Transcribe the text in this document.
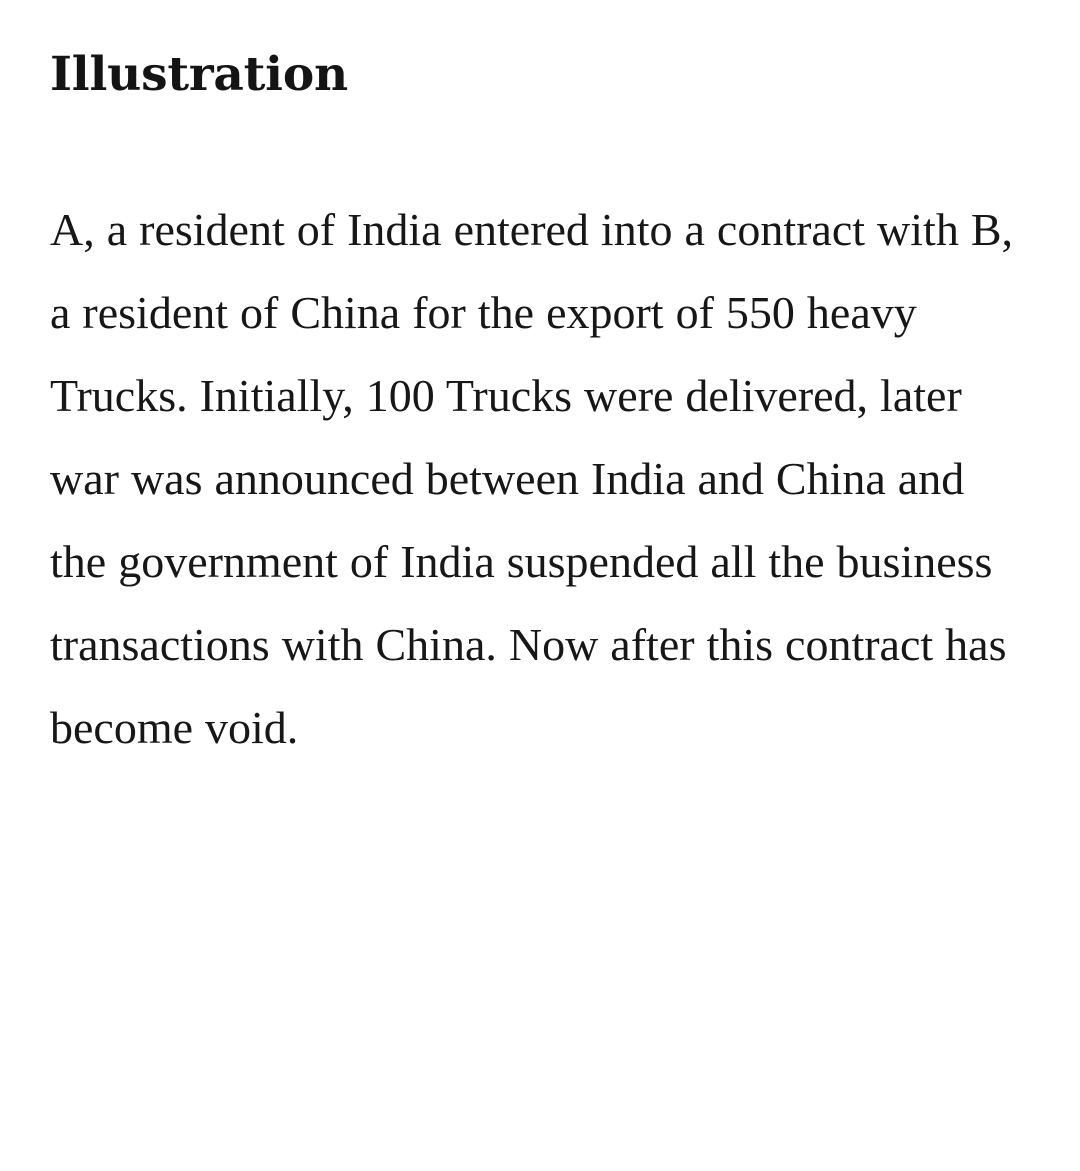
Illustration

A, a resident of India entered into a contract with B, a resident of China for the export of 550 heavy Trucks. Initially, 100 Trucks were delivered, later war was announced between India and China and the government of India suspended all the business transactions with China. Now after this contract has become void.
